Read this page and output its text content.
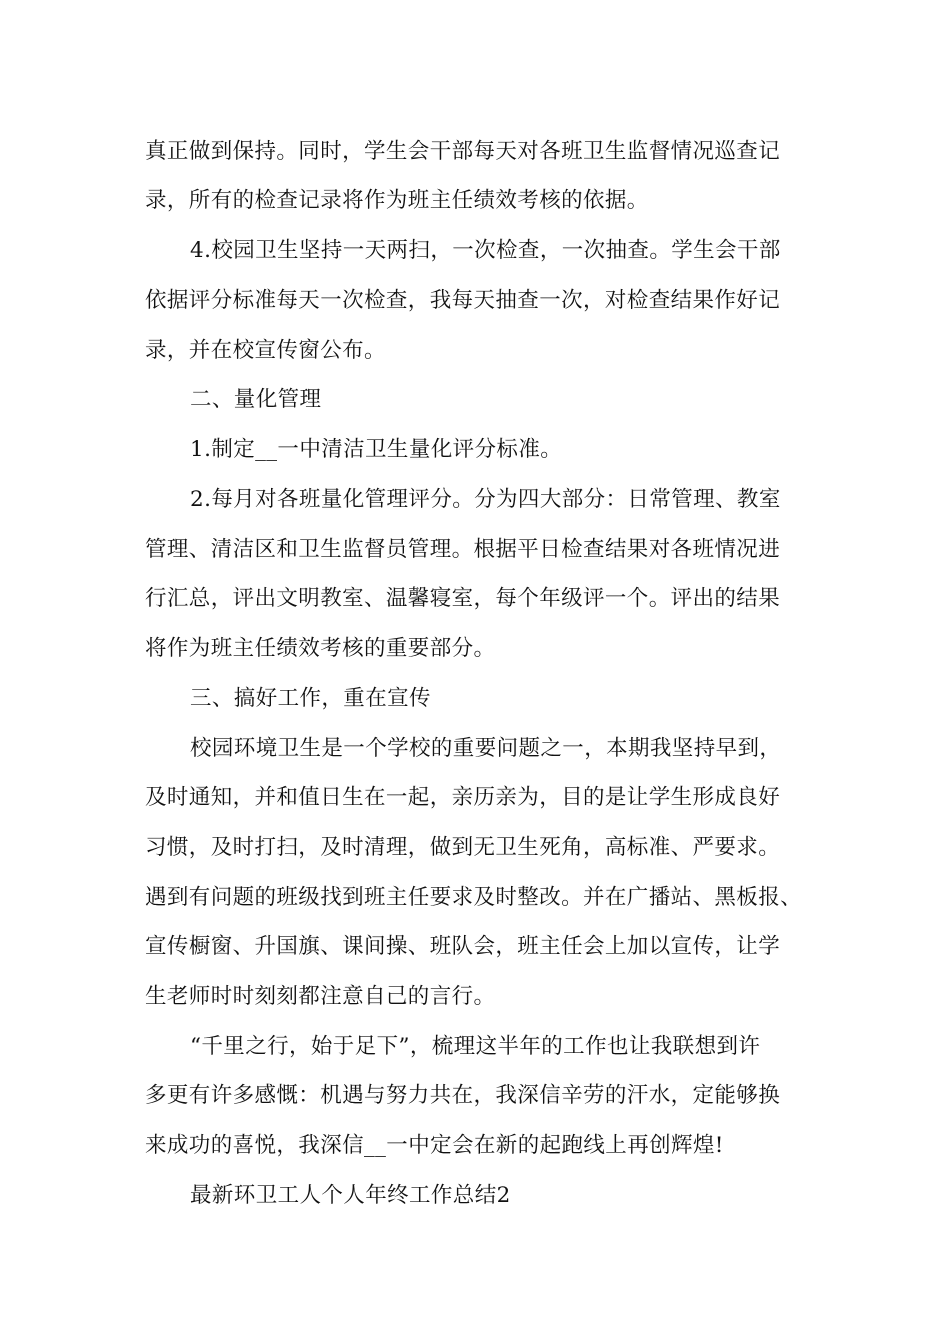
真正做到保持。同时，学生会干部每天对各班卫生监督情况巡查记
录，所有的检查记录将作为班主任绩效考核的依据。
4.校园卫生坚持一天两扫，一次检查，一次抽查。学生会干部
依据评分标准每天一次检查，我每天抽查一次，对检查结果作好记
录，并在校宣传窗公布。
二、量化管理
1.制定__一中清洁卫生量化评分标准。
2.每月对各班量化管理评分。分为四大部分：日常管理、教室
管理、清洁区和卫生监督员管理。根据平日检查结果对各班情况进
行汇总，评出文明教室、温馨寝室，每个年级评一个。评出的结果
将作为班主任绩效考核的重要部分。
三、搞好工作，重在宣传
校园环境卫生是一个学校的重要问题之一，本期我坚持早到，
及时通知，并和值日生在一起，亲历亲为，目的是让学生形成良好
习惯，及时打扫，及时清理，做到无卫生死角，高标准、严要求。
遇到有问题的班级找到班主任要求及时整改。并在广播站、黑板报、
宣传橱窗、升国旗、课间操、班队会，班主任会上加以宣传，让学
生老师时时刻刻都注意自己的言行。
“千里之行，始于足下”，梳理这半年的工作也让我联想到许
多更有许多感慨：机遇与努力共在，我深信辛劳的汗水，定能够换
来成功的喜悦，我深信__一中定会在新的起跑线上再创辉煌!
最新环卫工人个人年终工作总结2
